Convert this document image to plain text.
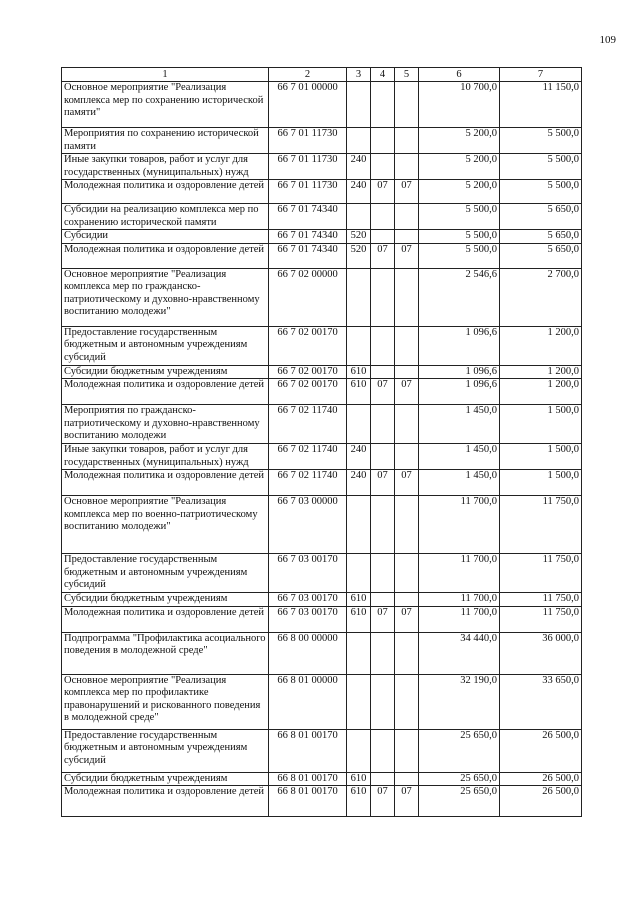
109
1	2	3	4	5	6	7
Основное мероприятие "Реализация комплекса мер по сохранению исторической памяти"	66 7 01 00000				10 700,0	11 150,0
Мероприятия по сохранению исторической памяти	66 7 01 11730				5 200,0	5 500,0
Иные закупки товаров, работ и услуг для государственных (муниципальных) нужд	66 7 01 11730	240			5 200,0	5 500,0
Молодежная политика и оздоровление детей	66 7 01 11730	240	07	07	5 200,0	5 500,0
Субсидии на реализацию комплекса мер по сохранению исторической памяти	66 7 01 74340				5 500,0	5 650,0
Субсидии	66 7 01 74340	520			5 500,0	5 650,0
Молодежная политика и оздоровление детей	66 7 01 74340	520	07	07	5 500,0	5 650,0
Основное мероприятие "Реализация комплекса мер по гражданско-патриотическому и духовно-нравственному воспитанию молодежи"	66 7 02 00000				2 546,6	2 700,0
Предоставление государственным бюджетным и автономным учреждениям субсидий	66 7 02 00170				1 096,6	1 200,0
Субсидии бюджетным учреждениям	66 7 02 00170	610			1 096,6	1 200,0
Молодежная политика и оздоровление детей	66 7 02 00170	610	07	07	1 096,6	1 200,0
Мероприятия по гражданско-патриотическому и духовно-нравственному воспитанию молодежи	66 7 02 11740				1 450,0	1 500,0
Иные закупки товаров, работ и услуг для государственных (муниципальных) нужд	66 7 02 11740	240			1 450,0	1 500,0
Молодежная политика и оздоровление детей	66 7 02 11740	240	07	07	1 450,0	1 500,0
Основное мероприятие "Реализация комплекса мер по военно-патриотическому воспитанию молодежи"	66 7 03 00000				11 700,0	11 750,0
Предоставление государственным бюджетным и автономным учреждениям субсидий	66 7 03 00170				11 700,0	11 750,0
Субсидии бюджетным учреждениям	66 7 03 00170	610			11 700,0	11 750,0
Молодежная политика и оздоровление детей	66 7 03 00170	610	07	07	11 700,0	11 750,0
Подпрограмма "Профилактика асоциального поведения в молодежной среде"	66 8 00 00000				34 440,0	36 000,0
Основное мероприятие "Реализация комплекса мер по профилактике правонарушений и рискованного поведения в молодежной среде"	66 8 01 00000				32 190,0	33 650,0
Предоставление государственным бюджетным и автономным учреждениям субсидий	66 8 01 00170				25 650,0	26 500,0
Субсидии бюджетным учреждениям	66 8 01 00170	610			25 650,0	26 500,0
Молодежная политика и оздоровление детей	66 8 01 00170	610	07	07	25 650,0	26 500,0
